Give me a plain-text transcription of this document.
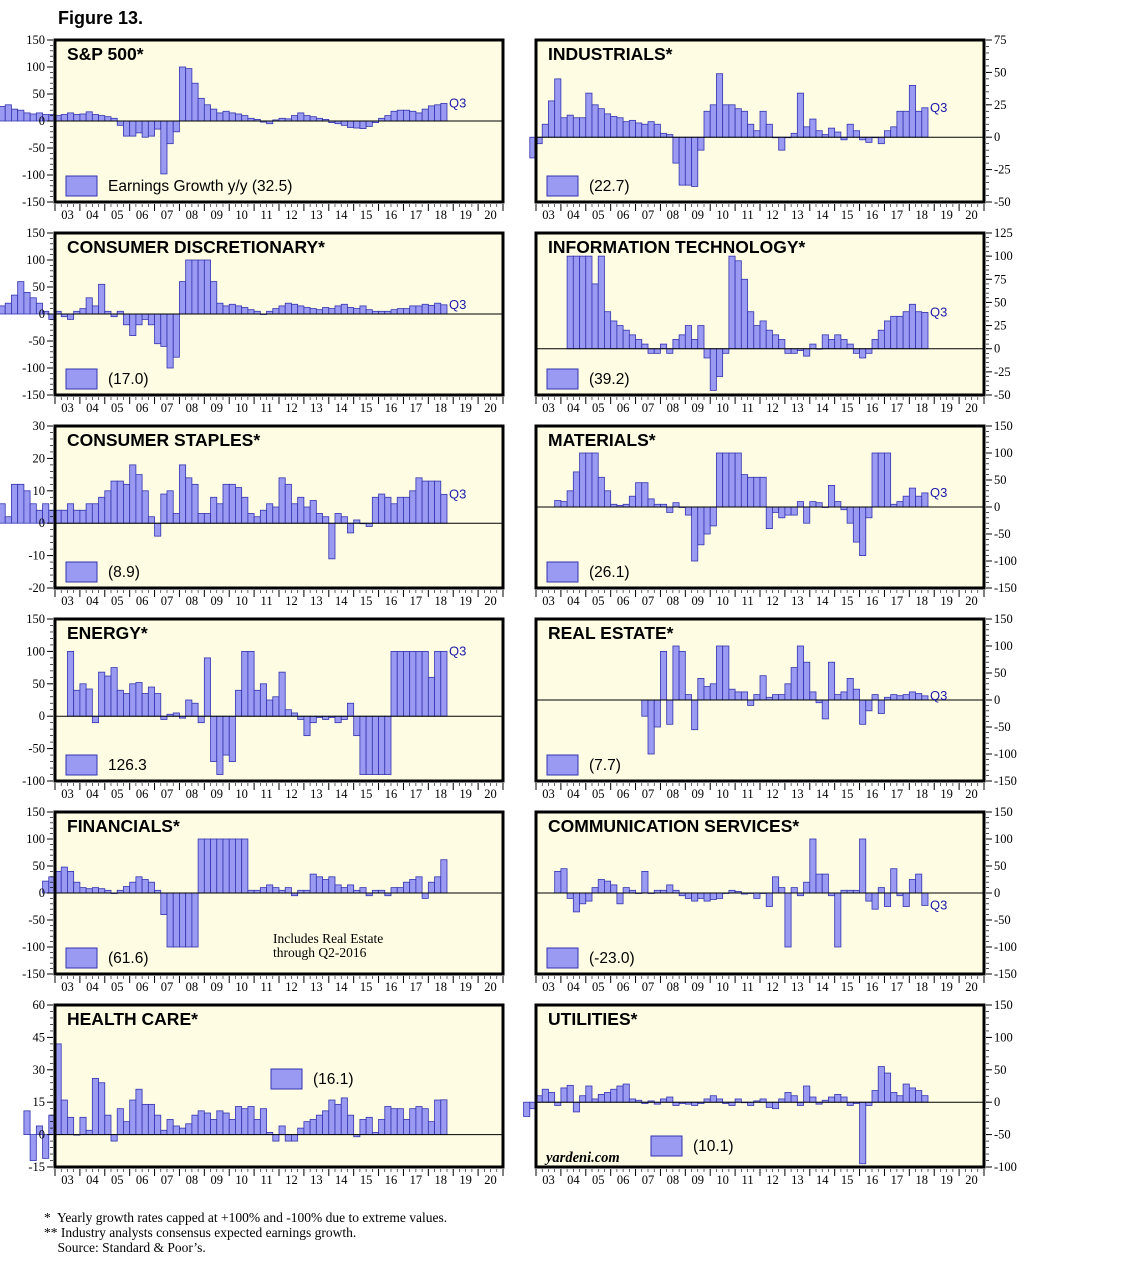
Figure 13.
150
100
50
0
-50
-100
-150
03 04 05 06 07 08 09 10 11 12 13 14 15 16 17 18 19 20
S&P 500*
Q3
Earnings Growth y/y (32.5)
75
50
25
0
-25
-50
03 04 05 06 07 08 09 10 11 12 13 14 15 16 17 18 19 20
INDUSTRIALS*
Q3
(22.7)
150
100
50
0
-50
-100
-150
03 04 05 06 07 08 09 10 11 12 13 14 15 16 17 18 19 20
CONSUMER DISCRETIONARY*
Q3
(17.0)
125
100
75
50
25
0
-25
-50
03 04 05 06 07 08 09 10 11 12 13 14 15 16 17 18 19 20
INFORMATION TECHNOLOGY*
Q3
(39.2)
30
20
10
0
-10
-20
03 04 05 06 07 08 09 10 11 12 13 14 15 16 17 18 19 20
CONSUMER STAPLES*
Q3
(8.9)
150
100
50
0
-50
-100
-150
03 04 05 06 07 08 09 10 11 12 13 14 15 16 17 18 19 20
MATERIALS*
Q3
(26.1)
150
100
50
0
-50
-100
03 04 05 06 07 08 09 10 11 12 13 14 15 16 17 18 19 20
ENERGY*
Q3
126.3
150
100
50
0
-50
-100
-150
03 04 05 06 07 08 09 10 11 12 13 14 15 16 17 18 19 20
REAL ESTATE*
Q3
(7.7)
150
100
50
0
-50
-100
-150
03 04 05 06 07 08 09 10 11 12 13 14 15 16 17 18 19 20
FINANCIALS*
(61.6)
Includes Real Estate
through Q2-2016
150
100
50
0
-50
-100
-150
03 04 05 06 07 08 09 10 11 12 13 14 15 16 17 18 19 20
COMMUNICATION SERVICES*
Q3
(-23.0)
60
45
30
15
0
-15
03 04 05 06 07 08 09 10 11 12 13 14 15 16 17 18 19 20
HEALTH CARE*
(16.1)
150
100
50
0
-50
-100
03 04 05 06 07 08 09 10 11 12 13 14 15 16 17 18 19 20
UTILITIES*
(10.1)
yardeni.com
*  Yearly growth rates capped at +100% and -100% due to extreme values.
** Industry analysts consensus expected earnings growth.
Source: Standard & Poor’s.
